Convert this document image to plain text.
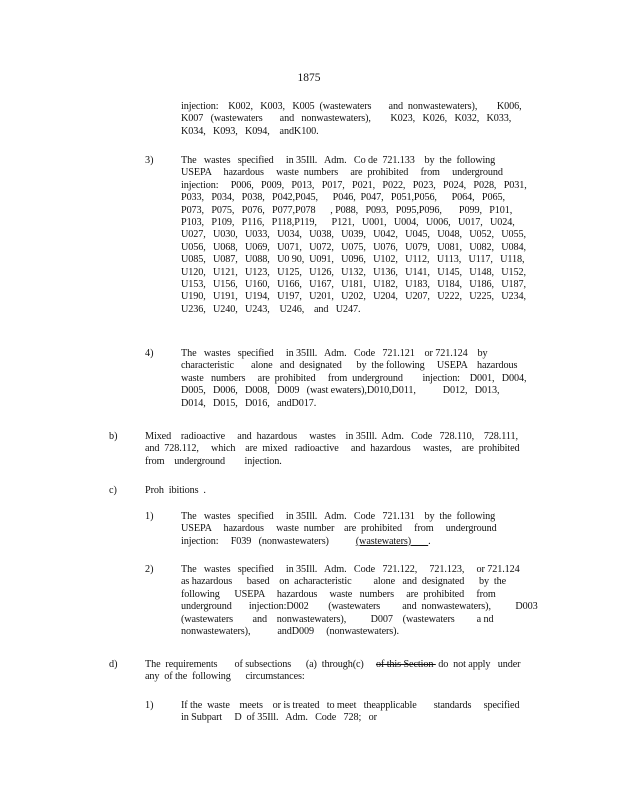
1875
injection:    K002,   K003,   K005  (wastewaters       and  nonwastewaters),        K006,
K007   (wastewaters       and   nonwastewaters),        K023,   K026,   K032,   K033,
K034,   K093,   K094,    andK100.
3)	The   wastes   specified     in 35Ill.   Adm.   Co de  721.133    by  the  following
USEPA     hazardous     waste  numbers     are  prohibited     from     underground
injection:     P006,   P009,   P013,   P017,   P021,   P022,   P023,   P024,   P028,   P031,
P033,   P034,   P038,   P042,P045,      P046,  P047,   P051,P056,      P064,   P065,
P073,   P075,   P076,   P077,P078      , P088,   P093,   P095,P096,       P099,   P101,
P103,   P109,   P116,   P118,P119,      P121,   U001,   U004,   U006,   U017,   U024,
U027,   U030,   U033,   U034,   U038,   U039,   U042,   U045,   U048,   U052,   U055,
U056,   U068,   U069,   U071,   U072,   U075,   U076,   U079,   U081,   U082,   U084,
U085,   U087,   U088,   U0 90,  U091,   U096,   U102,   U112,   U113,   U117,   U118,
U120,   U121,   U123,   U125,   U126,   U132,   U136,   U141,   U145,   U148,   U152,
U153,   U156,   U160,   U166,   U167,   U181,   U182,   U183,   U184,   U186,   U187,
U190,   U191,   U194,   U197,   U201,   U202,   U204,   U207,   U222,   U225,   U234,
U236,   U240,   U243,    U246,    and   U247.
4)	The   wastes   specified     in 35Ill.   Adm.   Code   721.121    or 721.124    by
characteristic       alone   and  designated      by  the following     USEPA    hazardous
waste   numbers     are  prohibited     from  underground        injection:    D001,   D004,
D005,   D006,   D008,   D009   (wast ewaters),D010,D011,           D012,   D013,
D014,   D015,   D016,   andD017.
b)	Mixed    radioactive     and  hazardous     wastes    in 35Ill.  Adm.   Code   728.110,    728.111,
and  728.112,     which    are  mixed   radioactive     and  hazardous     wastes,    are  prohibited
from    underground        injection.
c)	Proh  ibitions  .
1)	The   wastes   specified     in 35Ill.   Adm.   Code   721.131    by  the  following
USEPA     hazardous     waste  number    are  prohibited     from     underground
injection:     F039   (nonwastewaters)           (wastewaters)       .
2)	The   wastes   specified     in 35Ill.   Adm.   Code   721.122,     721.123,     or 721.124
as hazardous      based    on  acharacteristic         alone   and  designated      by  the
following      USEPA     hazardous     waste   numbers     are  prohibited     from
underground       injection:D002        (wastewaters         and  nonwastewaters),          D003
(wastewaters        and    nonwastewaters),          D007    (wastewaters         a nd
nonwastewaters),           andD009     (nonwastewaters).
d)	The  requirements       of subsections      (a)  through(c)     of this Section  do  not apply   under
any  of the  following      circumstances:
1)	If the  waste    meets    or is treated   to meet   theapplicable       standards     specified
in Subpart     D  of 35Ill.   Adm.   Code   728;   or
